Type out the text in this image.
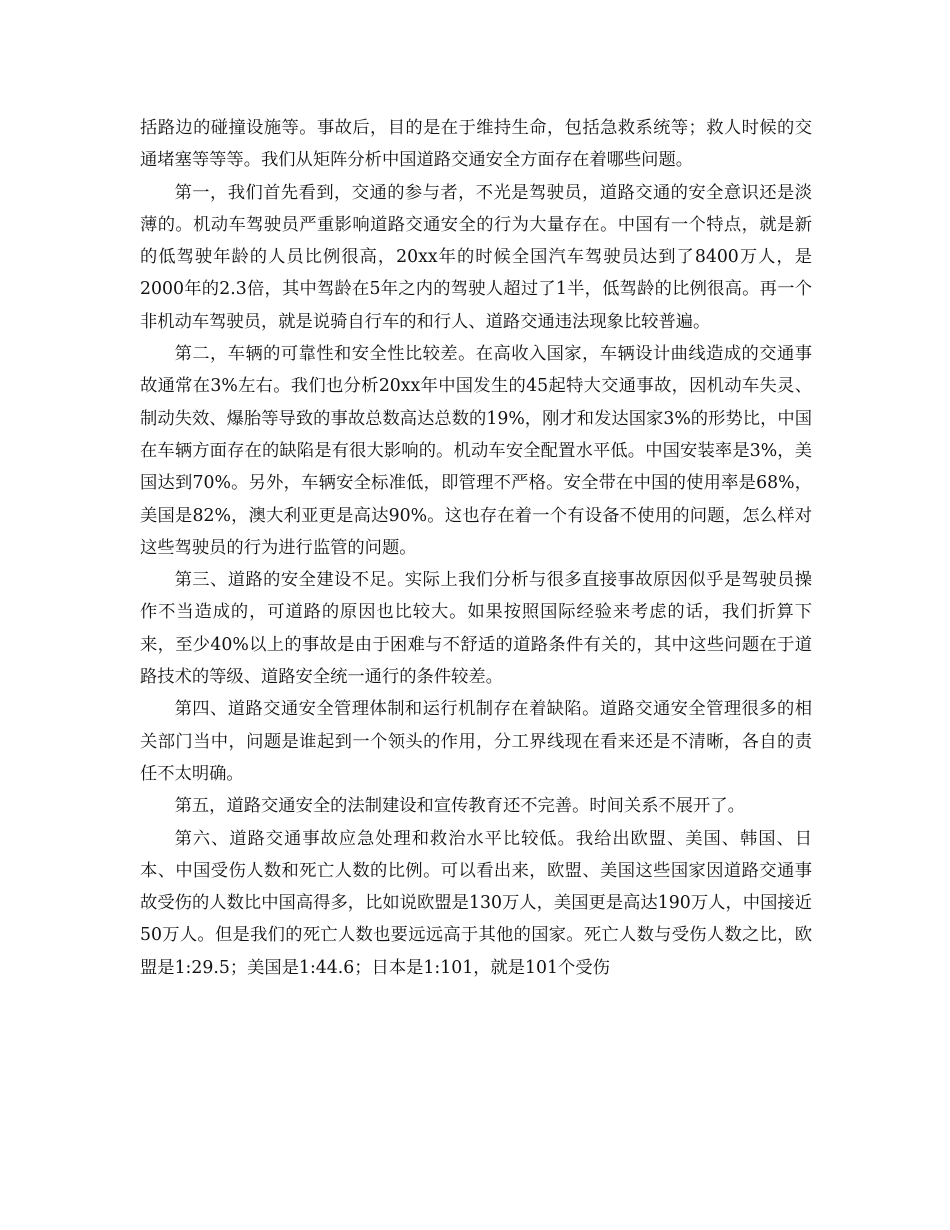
括路边的碰撞设施等。事故后，目的是在于维持生命，包括急救系统等；救人时候的交通堵塞等等等。我们从矩阵分析中国道路交通安全方面存在着哪些问题。

第一，我们首先看到，交通的参与者，不光是驾驶员，道路交通的安全意识还是淡薄的。机动车驾驶员严重影响道路交通安全的行为大量存在。中国有一个特点，就是新的低驾驶年龄的人员比例很高，20xx年的时候全国汽车驾驶员达到了8400万人，是2000年的2.3倍，其中驾龄在5年之内的驾驶人超过了1半，低驾龄的比例很高。再一个非机动车驾驶员，就是说骑自行车的和行人、道路交通违法现象比较普遍。

第二，车辆的可靠性和安全性比较差。在高收入国家，车辆设计曲线造成的交通事故通常在3%左右。我们也分析20xx年中国发生的45起特大交通事故，因机动车失灵、制动失效、爆胎等导致的事故总数高达总数的19%，刚才和发达国家3%的形势比，中国在车辆方面存在的缺陷是有很大影响的。机动车安全配置水平低。中国安装率是3%，美国达到70%。另外，车辆安全标准低，即管理不严格。安全带在中国的使用率是68%，美国是82%，澳大利亚更是高达90%。这也存在着一个有设备不使用的问题，怎么样对这些驾驶员的行为进行监管的问题。

第三、道路的安全建设不足。实际上我们分析与很多直接事故原因似乎是驾驶员操作不当造成的，可道路的原因也比较大。如果按照国际经验来考虑的话，我们折算下来，至少40%以上的事故是由于困难与不舒适的道路条件有关的，其中这些问题在于道路技术的等级、道路安全统一通行的条件较差。

第四、道路交通安全管理体制和运行机制存在着缺陷。道路交通安全管理很多的相关部门当中，问题是谁起到一个领头的作用，分工界线现在看来还是不清晰，各自的责任不太明确。

第五，道路交通安全的法制建设和宣传教育还不完善。时间关系不展开了。

第六、道路交通事故应急处理和救治水平比较低。我给出欧盟、美国、韩国、日本、中国受伤人数和死亡人数的比例。可以看出来，欧盟、美国这些国家因道路交通事故受伤的人数比中国高得多，比如说欧盟是130万人，美国更是高达190万人，中国接近50万人。但是我们的死亡人数也要远远高于其他的国家。死亡人数与受伤人数之比，欧盟是1:29.5；美国是1:44.6；日本是1:101，就是101个受伤
